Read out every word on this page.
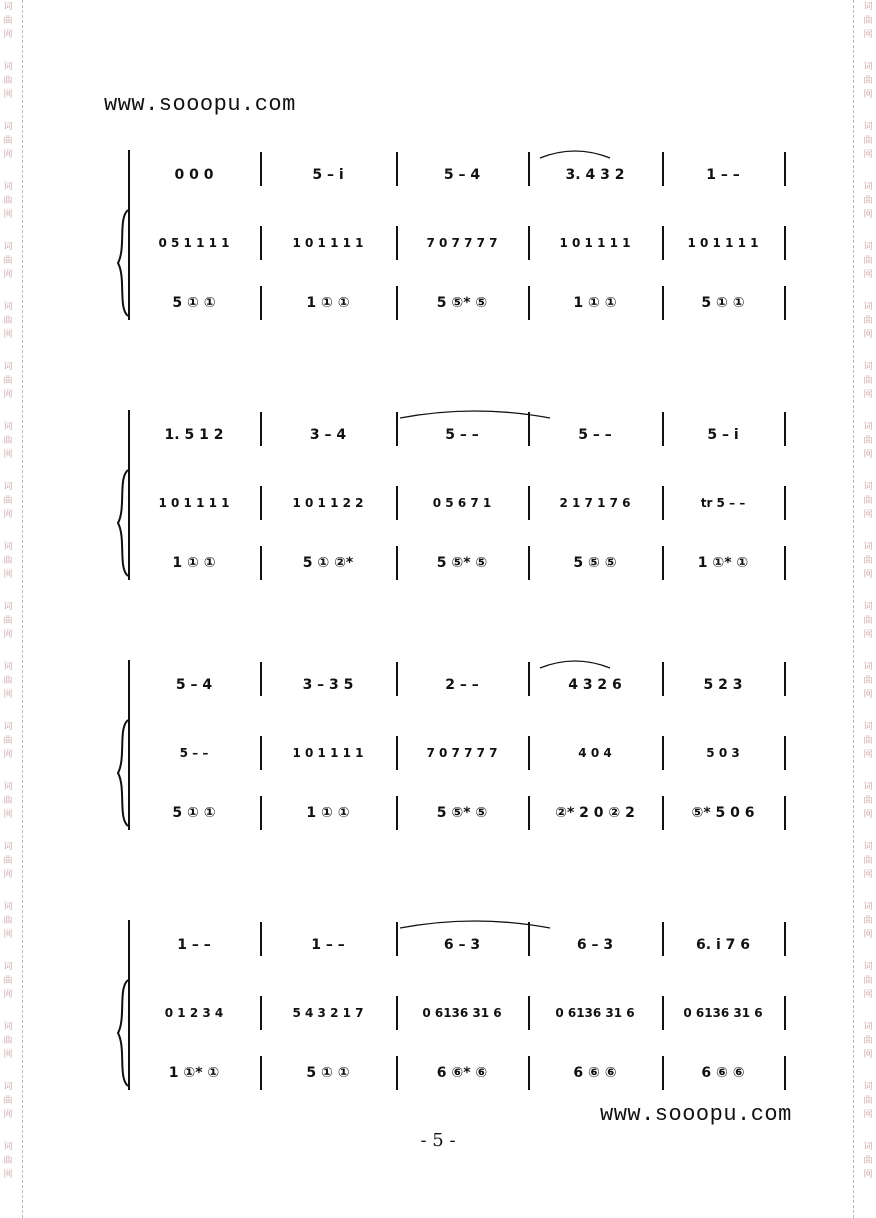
词
曲
网
词
曲
网
词
曲
网
词
曲
网
词
曲
网
词
曲
网
词
曲
网
词
曲
网
词
曲
网
词
曲
网
词
曲
网
词
曲
网
词
曲
网
词
曲
网
词
曲
网
词
曲
网
词
曲
网
词
曲
网
词
曲
网
词
曲
网
词
曲
网
词
曲
网
词
曲
网
词
曲
网
词
曲
网
词
曲
网
词
曲
网
词
曲
网
词
曲
网
词
曲
网
词
曲
网
词
曲
网
词
曲
网
词
曲
网
词
曲
网
词
曲
网
词
曲
网
词
曲
网
词
曲
网
词
曲
网
www.sooopu.com
0 0 0	5 – i	5 – 4	3. 4 3 2	1 – –
0 5 1 1 1 1	1 0 1 1 1 1	7 0 7 7 7 7	1 0 1 1 1 1	1 0 1 1 1 1
5 ① ①	1 ① ①	5 ⑤* ⑤	1 ① ①	5 ① ①
1. 5 1 2	3 – 4	5 – –	5 – –	5 – i
1 0 1 1 1 1	1 0 1 1 2 2	0 5 6 7 1	2 1 7 1 7 6	tr 5 – –
1 ① ①	5 ① ②*	5 ⑤* ⑤	5 ⑤ ⑤	1 ①* ①
5 – 4	3 – 3 5	2 – –	4 3 2 6	5 2 3
5 – –	1 0 1 1 1 1	7 0 7 7 7 7	4 0 4	5 0 3
5 ① ①	1 ① ①	5 ⑤* ⑤	②* 2 0 ② 2	⑤* 5 0 6
1 – –	1 – –	6 – 3	6 – 3	6. i 7 6
0 1 2 3 4	5 4 3 2 1 7	0 6136 31 6	0 6136 31 6	0 6136 31 6
1 ①* ①	5 ① ①	6 ⑥* ⑥	6 ⑥ ⑥	6 ⑥ ⑥
www.sooopu.com
- 5 -
